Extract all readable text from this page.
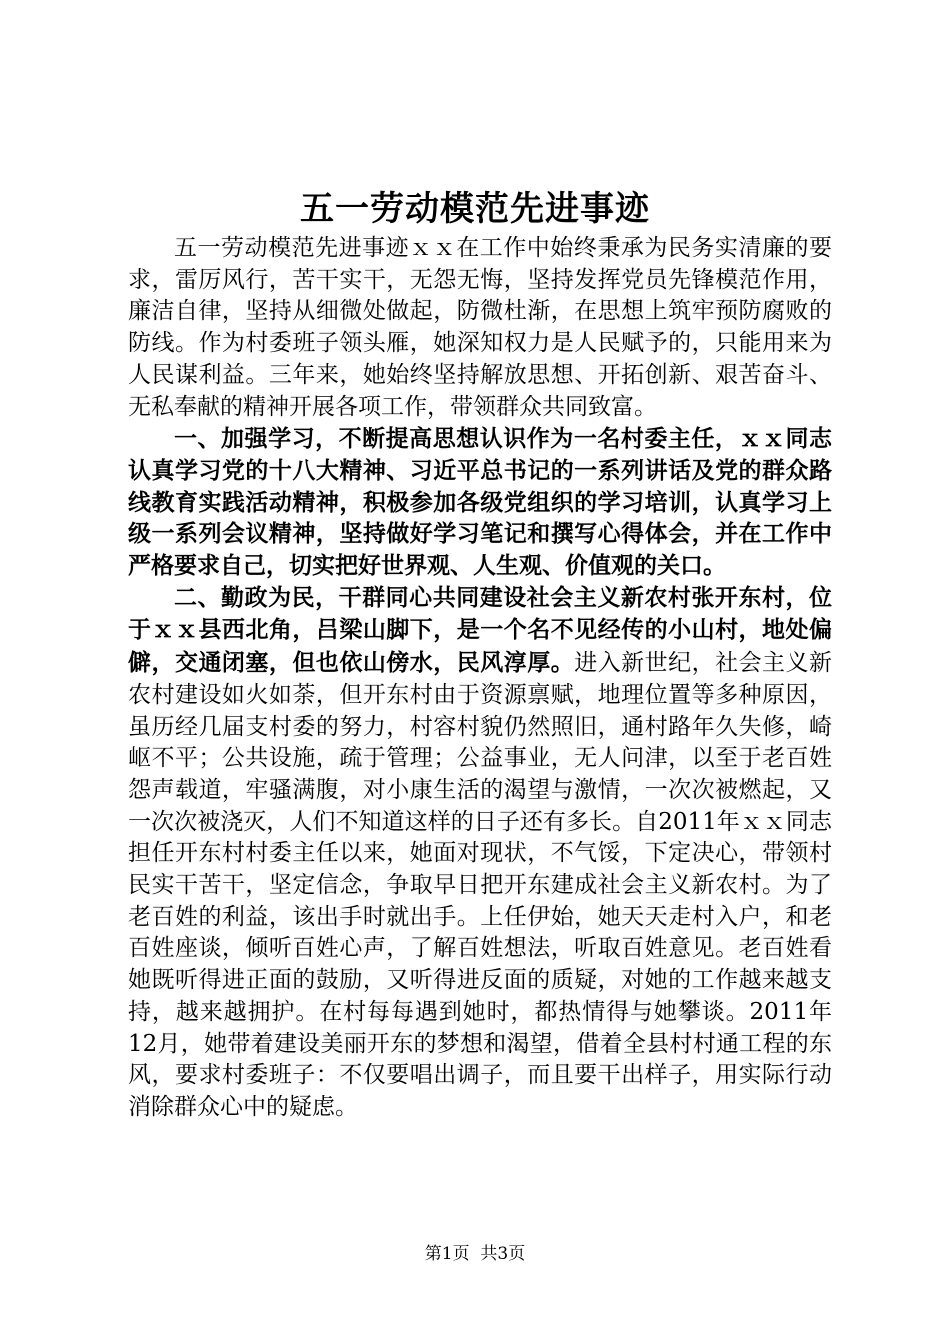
五一劳动模范先进事迹

五一劳动模范先进事迹ｘｘ在工作中始终秉承为民务实清廉的要求，雷厉风行，苦干实干，无怨无悔，坚持发挥党员先锋模范作用，廉洁自律，坚持从细微处做起，防微杜渐，在思想上筑牢预防腐败的防线。作为村委班子领头雁，她深知权力是人民赋予的，只能用来为人民谋利益。三年来，她始终坚持解放思想、开拓创新、艰苦奋斗、无私奉献的精神开展各项工作，带领群众共同致富。

一、加强学习，不断提高思想认识作为一名村委主任，ｘｘ同志认真学习党的十八大精神、习近平总书记的一系列讲话及党的群众路线教育实践活动精神，积极参加各级党组织的学习培训，认真学习上级一系列会议精神，坚持做好学习笔记和撰写心得体会，并在工作中严格要求自己，切实把好世界观、人生观、价值观的关口。

二、勤政为民，干群同心共同建设社会主义新农村张开东村，位于ｘｘ县西北角，吕梁山脚下，是一个名不见经传的小山村，地处偏僻，交通闭塞，但也依山傍水，民风淳厚。进入新世纪，社会主义新农村建设如火如荼，但开东村由于资源禀赋，地理位置等多种原因，虽历经几届支村委的努力，村容村貌仍然照旧，通村路年久失修，崎岖不平；公共设施，疏于管理；公益事业，无人问津，以至于老百姓怨声载道，牢骚满腹，对小康生活的渴望与激情，一次次被燃起，又一次次被浇灭，人们不知道这样的日子还有多长。自2011年ｘｘ同志担任开东村村委主任以来，她面对现状，不气馁，下定决心，带领村民实干苦干，坚定信念，争取早日把开东建成社会主义新农村。为了老百姓的利益，该出手时就出手。上任伊始，她天天走村入户，和老百姓座谈，倾听百姓心声，了解百姓想法，听取百姓意见。老百姓看她既听得进正面的鼓励，又听得进反面的质疑，对她的工作越来越支持，越来越拥护。在村每每遇到她时，都热情得与她攀谈。2011年12月，她带着建设美丽开东的梦想和渴望，借着全县村村通工程的东风，要求村委班子：不仅要唱出调子，而且要干出样子，用实际行动消除群众心中的疑虑。

第1页  共3页
